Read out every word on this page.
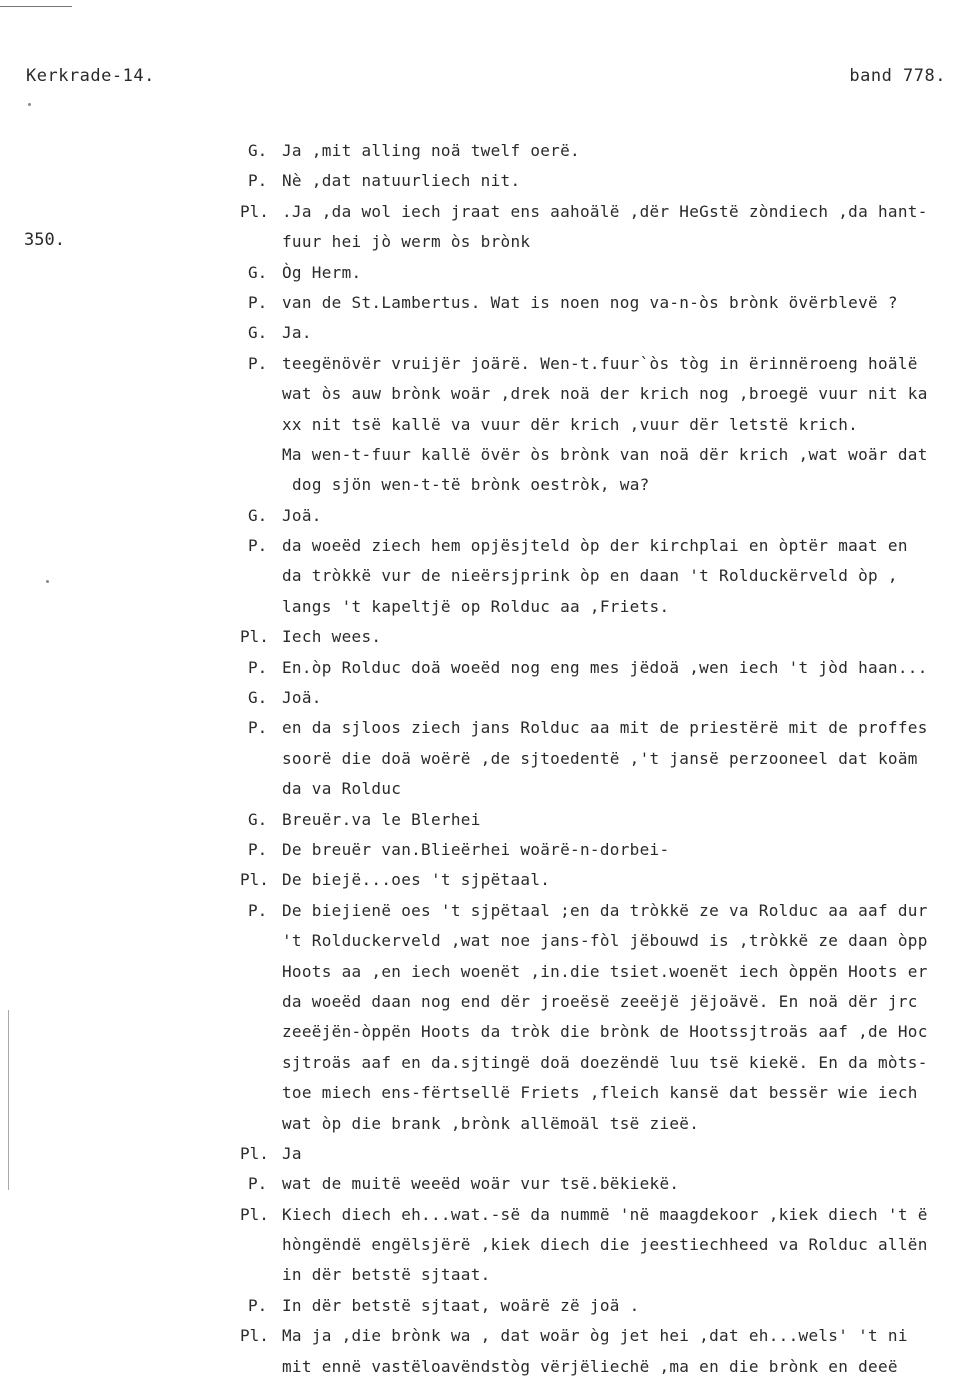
Kerkrade-14.	band 778.
350.
G. Ja ,mit alling noä twelf oerë.
P. Nè ,dat natuurliech nit.
Pl. .Ja ,da wol iech jraat ens aahoälë ,dër HeGstë zòndiech ,da hant-
fuur hei jò werm òs brònk
G. Òg Herm.
P. van de St.Lambertus. Wat is noen nog va-n-òs brònk övërblevë ?
G. Ja.
P. teegënövër vruijër joärë. Wen-t.fuur`òs tòg in ërinnëroeng hoälë
wat òs auw brònk woär ,drek noä der krich nog ,broegë vuur nit ka
xx nit tsë kallë va vuur dër krich ,vuur dër letstë krich.
Ma wen-t-fuur kallë övër òs brònk van noä dër krich ,wat woär dat
dog sjön wen-t-të brònk oestròk, wa?
G. Joä.
P. da woeëd ziech hem opjësjteld òp der kirchplai en òptër maat en
da tròkkë vur de nieërsjprink òp en daan 't Rolduckërveld òp ,
langs 't kapeltjë op Rolduc aa ,Friets.
Pl. Iech wees.
P. En.òp Rolduc doä woeëd nog eng mes jëdoä ,wen iech 't jòd haan...
G. Joä.
P. en da sjloos ziech jans Rolduc aa mit de priestërë mit de proffes
soorë die doä woërë ,de sjtoedentë ,'t jansë perzooneel dat koäm
da va Rolduc
G. Breuër.va le Blerhei
P. De breuër van.Blieërhei woärë-n-dorbei-
Pl. De biejë...oes 't sjpëtaal.
P. De biejienë oes 't sjpëtaal ;en da tròkkë ze va Rolduc aa aaf dur
't Rolduckerveld ,wat noe jans-fòl jëbouwd is ,tròkkë ze daan òpp
Hoots aa ,en iech woenët ,in.die tsiet.woenët iech òppën Hoots er
da woeëd daan nog end dër jroeësë zeeëjë jëjoävë. En noä dër jrc
zeeëjën-òppën Hoots da tròk die brònk de Hootssjtroäs aaf ,de Hoc
sjtroäs aaf en da.sjtingë doä doezëndë luu tsë kiekë. En da mòts-
toe miech ens-fërtsellë Friets ,fleich kansë dat bessër wie iech
wat òp die brank ,brònk allëmoäl tsë zieë.
Pl. Ja
P. wat de muitë weeëd woär vur tsë.bëkiekë.
Pl. Kiech diech eh...wat.-së da nummë 'në maagdekoor ,kiek diech 't ë
hòngëndë engëlsjërë ,kiek diech die jeestiechheed va Rolduc allën
in dër betstë sjtaat.
P. In dër betstë sjtaat, woärë zë joä .
Pl. Ma ja ,die brònk wa , dat woär òg jet hei ,dat eh...wels' 't ni
mit ennë vastëloavëndstòg vërjëliechë ,ma en die brònk en deeë
